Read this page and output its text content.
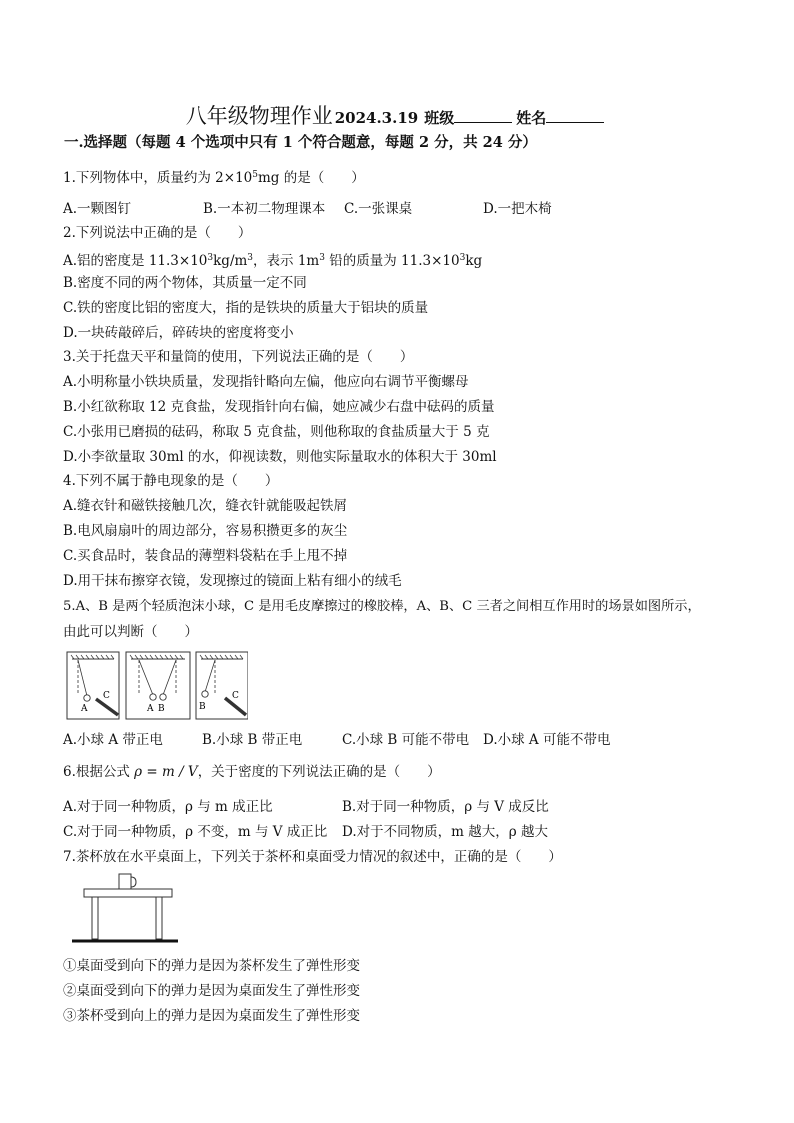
八年级物理作业 2024.3.19 班级	姓名
一.选择题（每题 4 个选项中只有 1 个符合题意，每题 2 分，共 24 分）
1.下列物体中，质量约为 $2\times 10^5mg$ 的是（　　）
A.一颗图钉	B.一本初二物理课本 C.一张课桌	D.一把木椅
2.下列说法中正确的是（　　）
A.铝的密度是 $11.3\times 10^3kg/m^3$，表示 $1m^3$ 铅的质量为 $11.3\times 10^3kg$
B.密度不同的两个物体，其质量一定不同
C.铁的密度比铝的密度大，指的是铁块的质量大于铝块的质量
D.一块砖敲碎后，碎砖块的密度将变小
3.关于托盘天平和量筒的使用，下列说法正确的是（　　）
A.小明称量小铁块质量，发现指针略向左偏，他应向右调节平衡螺母
B.小红欲称取 12 克食盐，发现指针向右偏，她应减少右盘中砝码的质量
C.小张用已磨损的砝码，称取 5 克食盐，则他称取的食盐质量大于 5 克
D.小李欲量取 30ml 的水，仰视读数，则他实际量取水的体积大于 30ml
4.下列不属于静电现象的是（　　）
A.缝衣针和磁铁接触几次，缝衣针就能吸起铁屑
B.电风扇扇叶的周边部分，容易积攒更多的灰尘
C.买食品时，装食品的薄塑料袋粘在手上甩不掉
D.用干抹布擦穿衣镜，发现擦过的镜面上粘有细小的绒毛
5.A、B 是两个轻质泡沫小球，C 是用毛皮摩擦过的橡胶棒，A、B、C 三者之间相互作用时的场景如图所示，
由此可以判断（　　）
A
C
A B	B
C
A.小球 A 带正电	B.小球 B 带正电	C.小球 B 可能不带电 D.小球 A 可能不带电
6.根据公式 ρ = m / V，关于密度的下列说法正确的是（　　）
A.对于同一种物质，ρ 与 m 成正比	B.对于同一种物质，ρ 与 V 成反比
C.对于同一种物质，ρ 不变，m 与 V 成正比 D.对于不同物质，m 越大，ρ 越大
7.茶杯放在水平桌面上，下列关于茶杯和桌面受力情况的叙述中，正确的是（　　）
①桌面受到向下的弹力是因为茶杯发生了弹性形变
②桌面受到向下的弹力是因为桌面发生了弹性形变
③茶杯受到向上的弹力是因为桌面发生了弹性形变
